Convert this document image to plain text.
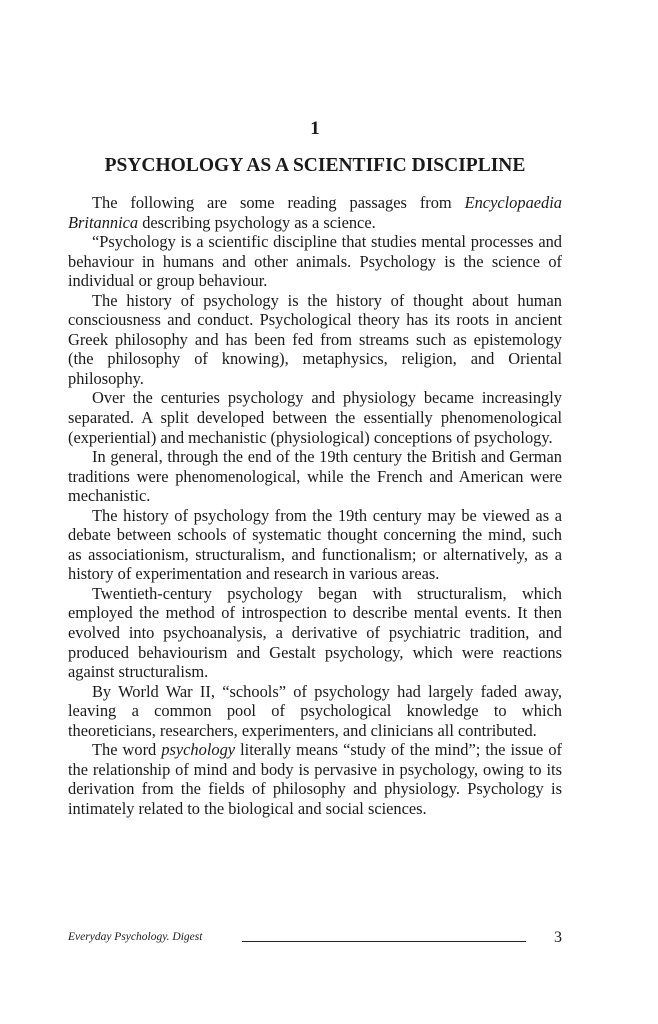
1
PSYCHOLOGY AS A SCIENTIFIC DISCIPLINE

The following are some reading passages from Encyclopaedia Britannica describing psychology as a science.

“Psychology is a scientific discipline that studies mental processes and behaviour in humans and other animals. Psychology is the science of individual or group behaviour.

The history of psychology is the history of thought about human consciousness and conduct. Psychological theory has its roots in ancient Greek philosophy and has been fed from streams such as epistemology (the philosophy of knowing), metaphysics, religion, and Oriental philosophy.

Over the centuries psychology and physiology became increasingly separated. A split developed between the essentially phenomenological (experiential) and mechanistic (physiological) conceptions of psychology.

In general, through the end of the 19th century the British and German traditions were phenomenological, while the French and American were mechanistic.

The history of psychology from the 19th century may be viewed as a debate between schools of systematic thought concerning the mind, such as associationism, structuralism, and functionalism; or alternatively, as a history of experimentation and research in various areas.

Twentieth-century psychology began with structuralism, which employed the method of introspection to describe mental events. It then evolved into psychoanalysis, a derivative of psychiatric tradition, and produced behaviourism and Gestalt psychology, which were reactions against structuralism.

By World War II, “schools” of psychology had largely faded away, leaving a common pool of psychological knowledge to which theoreticians, researchers, experimenters, and clinicians all contributed.

The word psychology literally means “study of the mind”; the issue of the relationship of mind and body is pervasive in psychology, owing to its derivation from the fields of philosophy and physiology. Psychology is intimately related to the biological and social sciences.

Everyday Psychology. Digest	3
